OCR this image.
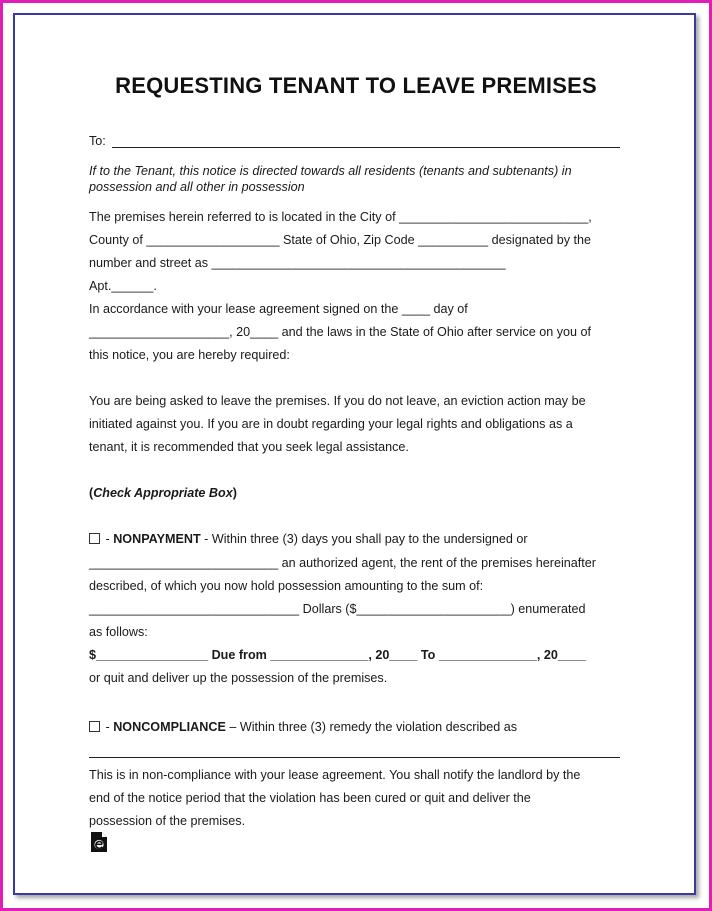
REQUESTING TENANT TO LEAVE PREMISES
To:
If to the Tenant, this notice is directed towards all residents (tenants and subtenants) in
possession and all other in possession
The premises herein referred to is located in the City of ___________________________,
County of ___________________ State of Ohio, Zip Code __________ designated by the
number and street as __________________________________________
Apt.______.
In accordance with your lease agreement signed on the ____ day of
____________________, 20____ and the laws in the State of Ohio after service on you of
this notice, you are hereby required:
You are being asked to leave the premises. If you do not leave, an eviction action may be
initiated against you. If you are in doubt regarding your legal rights and obligations as a
tenant, it is recommended that you seek legal assistance.
(Check Appropriate Box)
- NONPAYMENT - Within three (3) days you shall pay to the undersigned or
___________________________ an authorized agent, the rent of the premises hereinafter
described, of which you now hold possession amounting to the sum of:
______________________________ Dollars ($______________________) enumerated
as follows:
$________________ Due from ______________, 20____ To ______________, 20____
or quit and deliver up the possession of the premises.
- NONCOMPLIANCE – Within three (3) remedy the violation described as
This is in non-compliance with your lease agreement. You shall notify the landlord by the
end of the notice period that the violation has been cured or quit and deliver the
possession of the premises.
